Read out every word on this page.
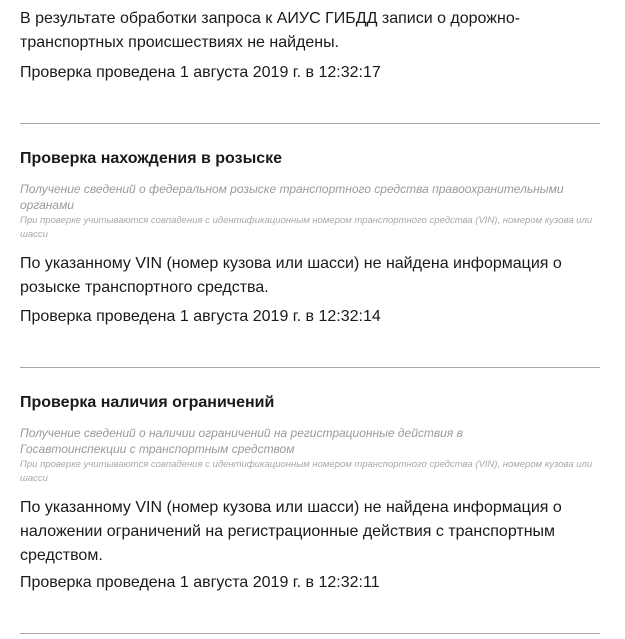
В результате обработки запроса к АИУС ГИБДД записи о дорожно-транспортных происшествиях не найдены.

Проверка проведена 1 августа 2019 г. в 12:32:17

Проверка нахождения в розыске

Получение сведений о федеральном розыске транспортного средства правоохранительными органами

При проверке учитываются совпадения с идентификационным номером транспортного средства (VIN), номером кузова или шасси

По указанному VIN (номер кузова или шасси) не найдена информация о розыске транспортного средства.

Проверка проведена 1 августа 2019 г. в 12:32:14

Проверка наличия ограничений

Получение сведений о наличии ограничений на регистрационные действия в Госавтоинспекции с транспортным средством

При проверке учитываются совпадения с идентификационным номером транспортного средства (VIN), номером кузова или шасси

По указанному VIN (номер кузова или шасси) не найдена информация о наложении ограничений на регистрационные действия с транспортным средством.

Проверка проведена 1 августа 2019 г. в 12:32:11
